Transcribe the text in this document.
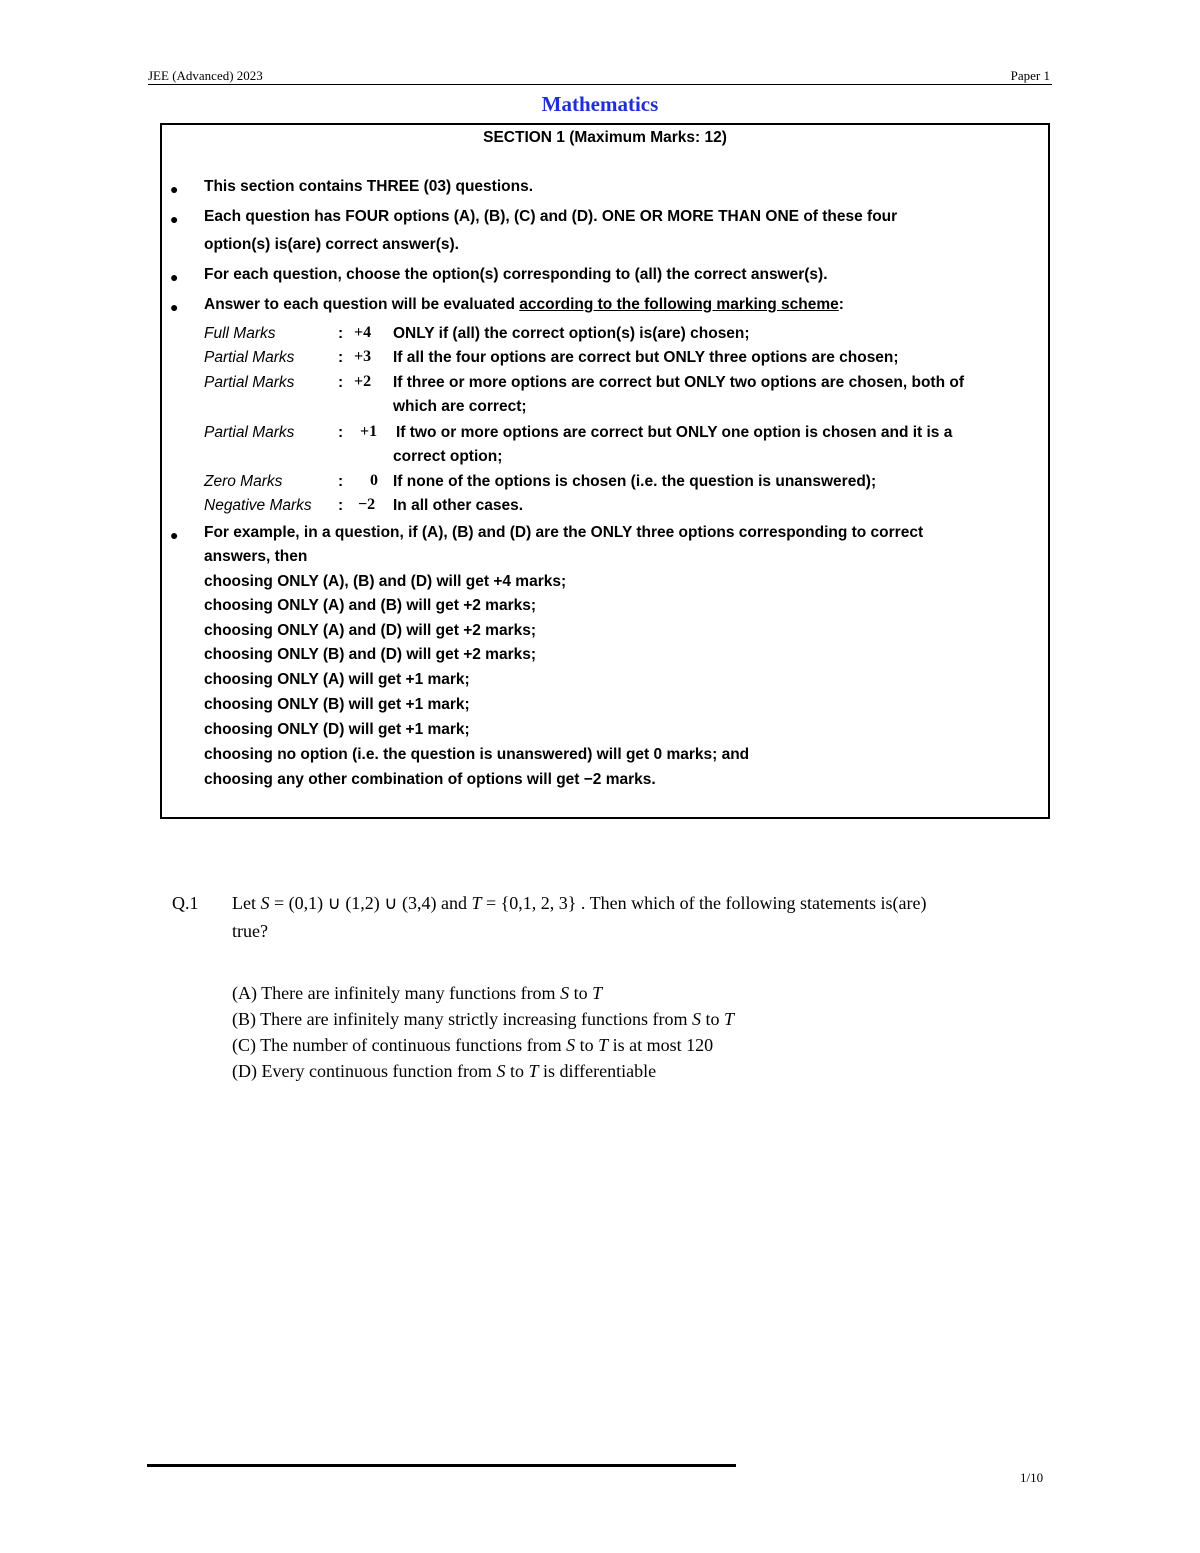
JEE (Advanced) 2023	Paper 1
Mathematics
SECTION 1 (Maximum Marks: 12)
● This section contains THREE (03) questions.
● Each question has FOUR options (A), (B), (C) and (D). ONE OR MORE THAN ONE of these four
option(s) is(are) correct answer(s).
● For each question, choose the option(s) corresponding to (all) the correct answer(s).
● Answer to each question will be evaluated according to the following marking scheme:
Full Marks	: +4 ONLY if (all) the correct option(s) is(are) chosen;
Partial Marks	: +3 If all the four options are correct but ONLY three options are chosen;
Partial Marks	: +2 If three or more options are correct but ONLY two options are chosen, both of
which are correct;
Partial Marks	: +1 If two or more options are correct but ONLY one option is chosen and it is a
correct option;
Zero Marks	: 0 If none of the options is chosen (i.e. the question is unanswered);
Negative Marks : −2 In all other cases.
● For example, in a question, if (A), (B) and (D) are the ONLY three options corresponding to correct
answers, then
choosing ONLY (A), (B) and (D) will get +4 marks;
choosing ONLY (A) and (B) will get +2 marks;
choosing ONLY (A) and (D) will get +2 marks;
choosing ONLY (B) and (D) will get +2 marks;
choosing ONLY (A) will get +1 mark;
choosing ONLY (B) will get +1 mark;
choosing ONLY (D) will get +1 mark;
choosing no option (i.e. the question is unanswered) will get 0 marks; and
choosing any other combination of options will get −2 marks.
Q.1 Let S = (0,1) ∪ (1,2) ∪ (3,4) and T = {0,1, 2, 3} . Then which of the following statements is(are)
true?
(A) There are infinitely many functions from S to T
(B) There are infinitely many strictly increasing functions from S to T
(C) The number of continuous functions from S to T is at most 120
(D) Every continuous function from S to T is differentiable
1/10
